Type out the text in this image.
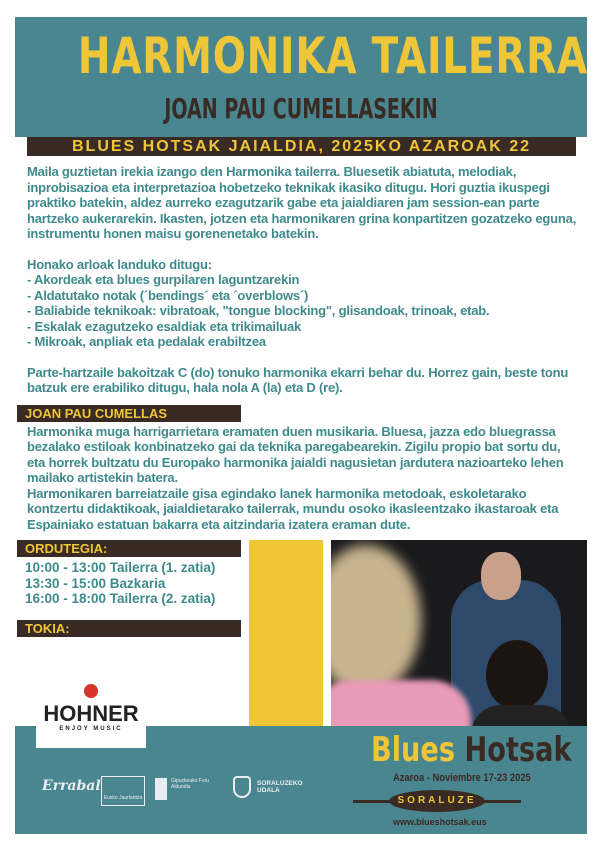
HARMONIKA TAILERRA
JOAN PAU CUMELLASEKIN
BLUES HOTSAK JAIALDIA, 2025KO AZAROAK 22
Maila guztietan irekia izango den Harmonika tailerra. Bluesetik abiatuta, melodiak, inprobisazioa eta interpretazioa hobetzeko teknikak ikasiko ditugu. Hori guztia ikuspegi praktiko batekin, aldez aurreko ezagutzarik gabe eta jaialdiaren jam session-ean parte hartzeko aukerarekin. Ikasten, jotzen eta harmonikaren grina konpartitzen gozatzeko eguna, instrumentu honen maisu gorenenetako batekin.
Honako arloak landuko ditugu:
- Akordeak eta blues gurpilaren laguntzarekin
- Aldatutako notak (´bendings´ eta ´overblows´)
- Baliabide teknikoak: vibratoak, "tongue blocking", glisandoak, trinoak, etab.
- Eskalak ezagutzeko esaldiak eta trikimailuak
- Mikroak, anpliak eta pedalak erabiltzea
Parte-hartzaile bakoitzak C (do) tonuko harmonika ekarri behar du. Horrez gain, beste tonu batzuk ere erabiliko ditugu, hala nola A (la) eta D (re).
JOAN PAU CUMELLAS
Harmonika muga harrigarrietara eramaten duen musikaria. Bluesa, jazza edo bluegrassa bezalako estiloak konbinatzeko gai da teknika paregabearekin. Zigilu propio bat sortu du, eta horrek bultzatu du Europako harmonika jaialdi nagusietan jardutera nazioarteko lehen mailako artistekin batera.
Harmonikaren barreiatzaile gisa egindako lanek harmonika metodoak, eskoletarako kontzertu didaktikoak, jaialdietarako tailerrak, mundu osoko ikasleentzako ikastaroak eta Espainiako estatuan bakarra eta aitzindaria izatera eraman dute.
ORDUTEGIA:
10:00 - 13:00 Tailerra (1. zatia)
13:30 - 15:00 Bazkaria
16:00 - 18:00 Tailerra (2. zatia)
TOKIA:
Errabal
Eusko Jaurlaritza
Gipuzkoako Foru Aldundia	SORALUZEKO UDALA
Blues Hotsak
Azaroa - Noviembre 17-23 2025
SORALUZE
www.blueshotsak.eus
HOHNER
ENJOY MUSIC
